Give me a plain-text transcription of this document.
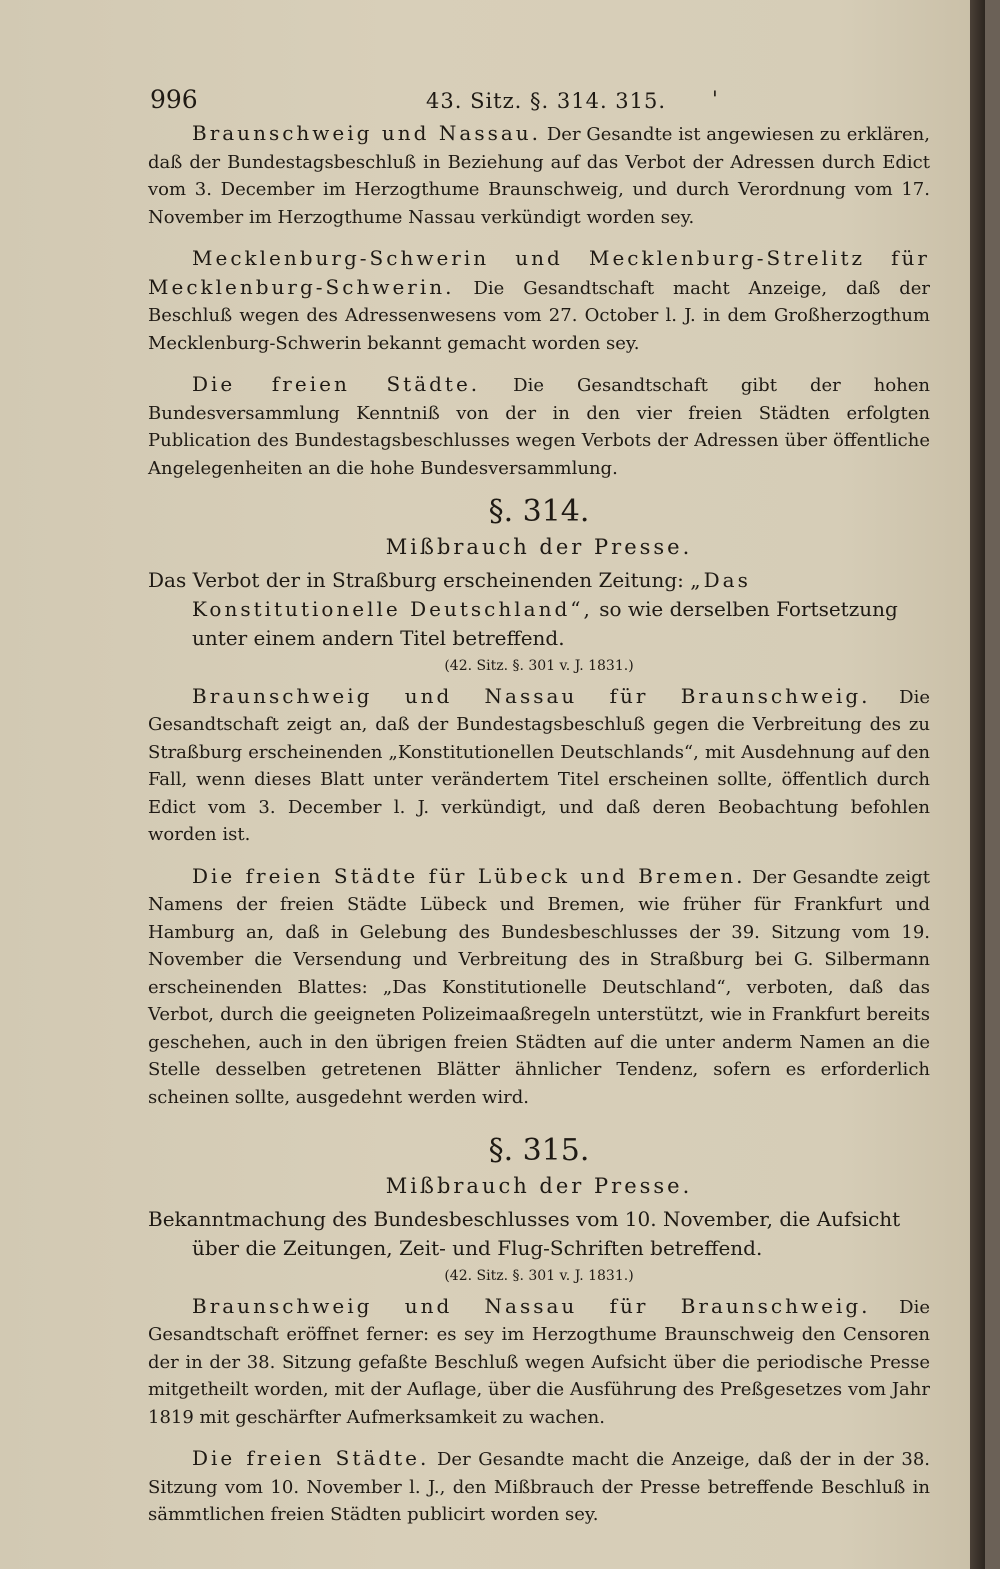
996	43. Sitz. §. 314. 315. '

Braunschweig und Nassau. Der Gesandte ist angewiesen zu erklären, daß der Bundestagsbeschluß in Beziehung auf das Verbot der Adressen durch Edict vom 3. December im Herzogthume Braunschweig, und durch Verordnung vom 17. November im Herzogthume Nassau verkündigt worden sey.

Mecklenburg-Schwerin und Mecklenburg-Strelitz für Mecklenburg-Schwerin. Die Gesandtschaft macht Anzeige, daß der Beschluß wegen des Adressenwesens vom 27. October l. J. in dem Großherzogthum Mecklenburg-Schwerin bekannt gemacht worden sey.

Die freien Städte. Die Gesandtschaft gibt der hohen Bundesversammlung Kenntniß von der in den vier freien Städten erfolgten Publication des Bundestagsbeschlusses wegen Verbots der Adressen über öffentliche Angelegenheiten an die hohe Bundesversammlung.

§. 314.
Mißbrauch der Presse.

Das Verbot der in Straßburg erscheinenden Zeitung: „Das Konstitutionelle Deutschland“, so wie derselben Fortsetzung unter einem andern Titel betreffend.

(42. Sitz. §. 301 v. J. 1831.)

Braunschweig und Nassau für Braunschweig. Die Gesandtschaft zeigt an, daß der Bundestagsbeschluß gegen die Verbreitung des zu Straßburg erscheinenden „Konstitutionellen Deutschlands“, mit Ausdehnung auf den Fall, wenn dieses Blatt unter verändertem Titel erscheinen sollte, öffentlich durch Edict vom 3. December l. J. verkündigt, und daß deren Beobachtung befohlen worden ist.

Die freien Städte für Lübeck und Bremen. Der Gesandte zeigt Namens der freien Städte Lübeck und Bremen, wie früher für Frankfurt und Hamburg an, daß in Gelebung des Bundesbeschlusses der 39. Sitzung vom 19. November die Versendung und Verbreitung des in Straßburg bei G. Silbermann erscheinenden Blattes: „Das Konstitutionelle Deutschland“, verboten, daß das Verbot, durch die geeigneten Polizeimaaßregeln unterstützt, wie in Frankfurt bereits geschehen, auch in den übrigen freien Städten auf die unter anderm Namen an die Stelle desselben getretenen Blätter ähnlicher Tendenz, sofern es erforderlich scheinen sollte, ausgedehnt werden wird.

§. 315.
Mißbrauch der Presse.

Bekanntmachung des Bundesbeschlusses vom 10. November, die Aufsicht über die Zeitungen, Zeit- und Flug-Schriften betreffend.

(42. Sitz. §. 301 v. J. 1831.)

Braunschweig und Nassau für Braunschweig. Die Gesandtschaft eröffnet ferner: es sey im Herzogthume Braunschweig den Censoren der in der 38. Sitzung gefaßte Beschluß wegen Aufsicht über die periodische Presse mitgetheilt worden, mit der Auflage, über die Ausführung des Preßgesetzes vom Jahr 1819 mit geschärfter Aufmerksamkeit zu wachen.

Die freien Städte. Der Gesandte macht die Anzeige, daß der in der 38. Sitzung vom 10. November l. J., den Mißbrauch der Presse betreffende Beschluß in sämmtlichen freien Städten publicirt worden sey.
